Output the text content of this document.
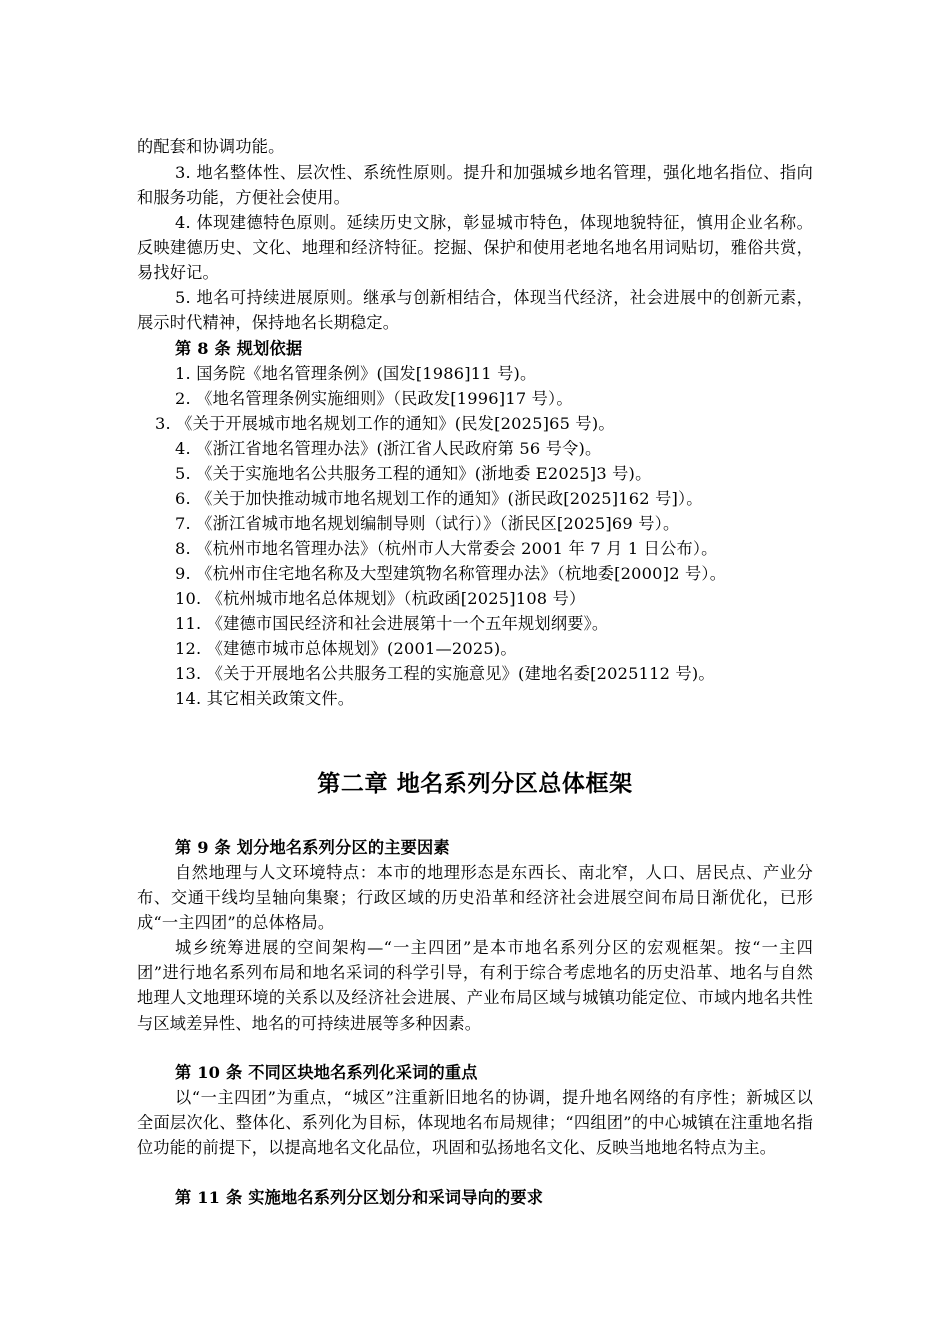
的配套和协调功能。

3. 地名整体性、层次性、系统性原则。提升和加强城乡地名管理，强化地名指位、指向和服务功能，方便社会使用。

4. 体现建德特色原则。延续历史文脉，彰显城市特色，体现地貌特征，慎用企业名称。反映建德历史、文化、地理和经济特征。挖掘、保护和使用老地名地名用词贴切，雅俗共赏，易找好记。

5. 地名可持续进展原则。继承与创新相结合，体现当代经济，社会进展中的创新元素，展示时代精神，保持地名长期稳定。

第 8 条 规划依据

1. 国务院《地名管理条例》(国发[1986]11 号)。

2. 《地名管理条例实施细则》（民政发[1996]17 号）。

3. 《关于开展城市地名规划工作的通知》(民发[2025]65 号)。

4. 《浙江省地名管理办法》(浙江省人民政府第 56 号令)。

5. 《关于实施地名公共服务工程的通知》(浙地委 E2025]3 号)。

6. 《关于加快推动城市地名规划工作的通知》(浙民政[2025]162 号]）。

7. 《浙江省城市地名规划编制导则（试行）》（浙民区[2025]69 号）。

8. 《杭州市地名管理办法》（杭州市人大常委会 2001 年 7 月 1 日公布）。

9. 《杭州市住宅地名称及大型建筑物名称管理办法》（杭地委[2000]2 号）。

10. 《杭州城市地名总体规划》（杭政函[2025]108 号）

11. 《建德市国民经济和社会进展第十一个五年规划纲要》。

12. 《建德市城市总体规划》(2001—2025)。

13. 《关于开展地名公共服务工程的实施意见》(建地名委[2025112 号)。

14. 其它相关政策文件。

第二章 地名系列分区总体框架

第 9 条 划分地名系列分区的主要因素

自然地理与人文环境特点：本市的地理形态是东西长、南北窄，人口、居民点、产业分布、交通干线均呈轴向集聚；行政区域的历史沿革和经济社会进展空间布局日渐优化，已形成“一主四团”的总体格局。

城乡统筹进展的空间架构—“一主四团”是本市地名系列分区的宏观框架。按“一主四团”进行地名系列布局和地名采词的科学引导，有利于综合考虑地名的历史沿革、地名与自然地理人文地理环境的关系以及经济社会进展、产业布局区域与城镇功能定位、市域内地名共性与区域差异性、地名的可持续进展等多种因素。

第 10 条 不同区块地名系列化采词的重点

以“一主四团”为重点，“城区”注重新旧地名的协调，提升地名网络的有序性；新城区以全面层次化、整体化、系列化为目标，体现地名布局规律；“四组团”的中心城镇在注重地名指位功能的前提下，以提高地名文化品位，巩固和弘扬地名文化、反映当地地名特点为主。

第 11 条 实施地名系列分区划分和采词导向的要求
